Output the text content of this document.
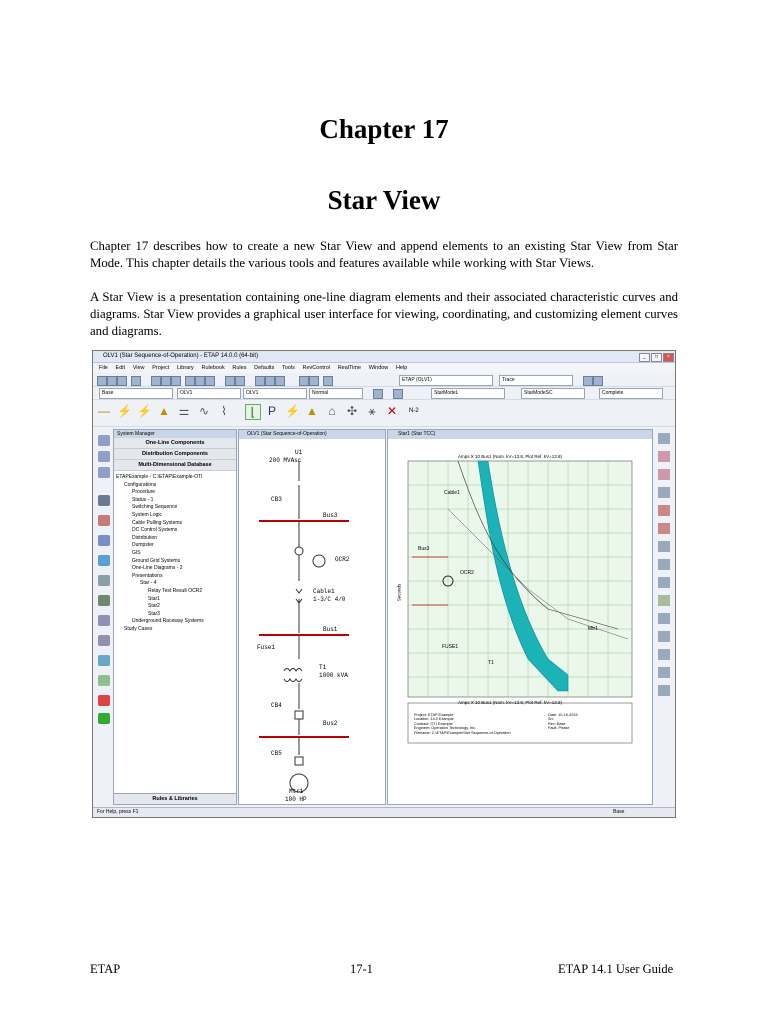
Chapter 17
Star View

Chapter 17 describes how to create a new Star View and append elements to an existing Star View from Star Mode. This chapter details the various tools and features available while working with Star Views.

A Star View is a presentation containing one-line diagram elements and their associated characteristic curves and diagrams. Star View provides a graphical user interface for viewing, coordinating, and customizing element curves and diagrams.

OLV1 (Star Sequence-of-Operation) - ETAP 14.0.0 (64-bit)	_	□	×
File Edit View Project Library Rulebook Rules Defaults Tools RevControl RealTime Window Help
ETAP (OLV1)	Trace
Base	OLV1	OLV1	Normal	StarModeL	StarModeSC	Complete
— ⚡ ⚡ ▲ ⚌ ∿	⌇	⌊	P ⚡ ▲ ⌂ ✣ ⚹ ✕	N-2
System Manager
One-Line Components
Distribution Components
Multi-Dimensional Database
ETAPExample - C:\ETAP\Example-OTI
Configurations
Procedure
Status - 1
Switching Sequence
System Logic
Cable Pulling Systems
DC Control Systems
Distribution
Dumpster
GIS
Ground Grid Systems
One-Line Diagrams - 2
Presentations
Star - 4
Relay Test Result OCR2
Star1
Star2
Star3
Underground Raceway Systems
Study Cases
Rules & Libraries
OLV1 (Star Sequence-of-Operation)
U1
200 MVAsc
CB3
Bus3
OCR2
Cable1
1-3/C 4/0
Bus1
Fuse1
T1
1000 kVA
CB4
Bus2
CB5
Mtr1
100 HP
Star1 (Star TCC)
Amps X 10 Bus1 (Nom. kV=13.8, Plot Ref. kV=13.8)
Seconds
Amps X 10 Bus1 (Nom. kV=13.8, Plot Ref. kV=13.8)
OCR2
FUSE1
Mtr1
Bus3
T1
Cable1
Project: ETAP Example
Location: 14.0 Example
Contract: OTI Example
Engineer: Operation Technology, Inc.
Filename: C:\ETAP\Example\Star Sequence-of-Operation
Date: 10-16-2015
Sn:
Rev: Base
Fault: Phase
For Help, press F1	Base
ETAP	17-1	ETAP 14.1 User Guide
